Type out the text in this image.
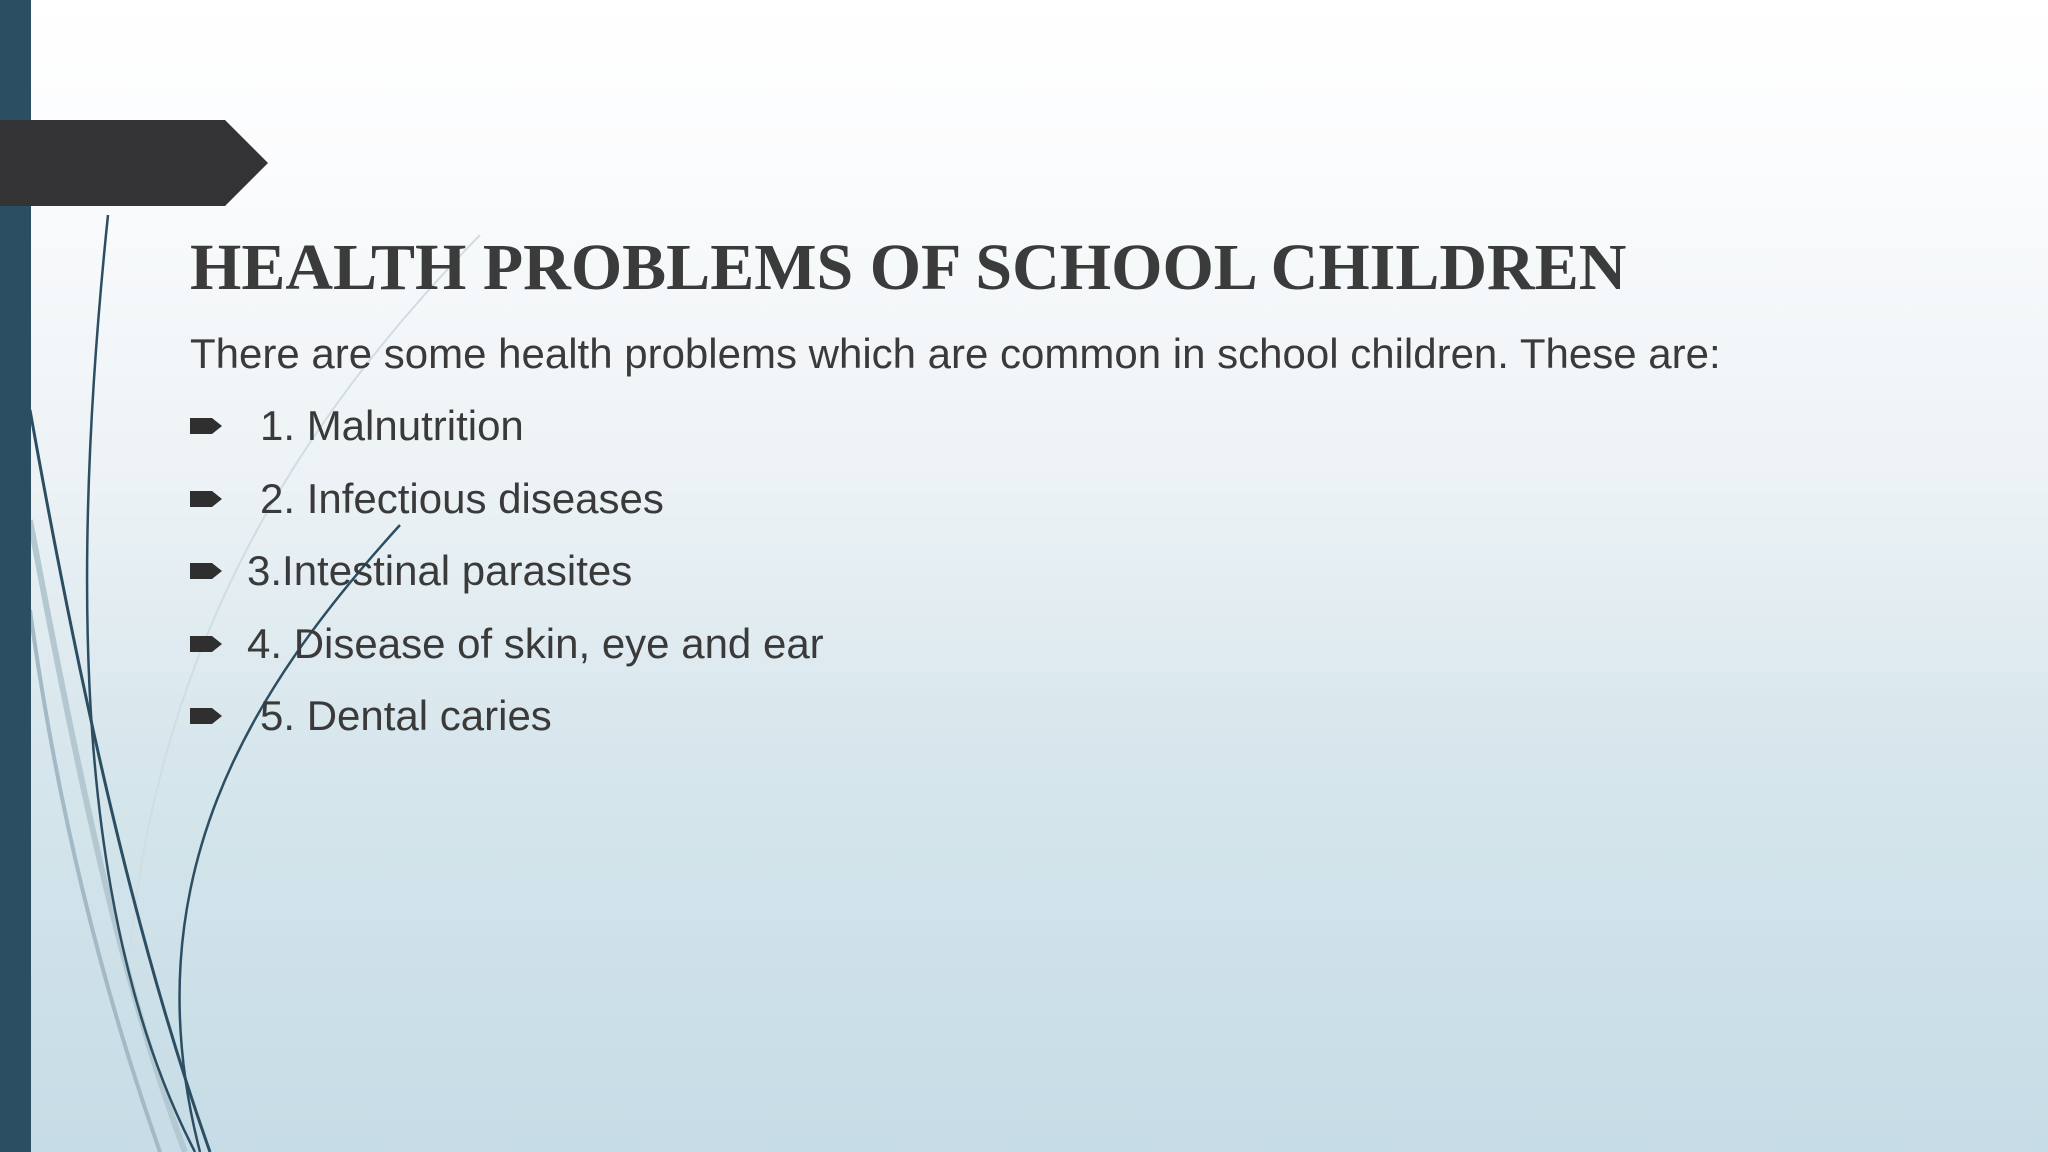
HEALTH PROBLEMS OF SCHOOL CHILDREN

There are some health problems which are common in school children. These are:

1. Malnutrition
2. Infectious diseases
3.Intestinal parasites
4. Disease of skin, eye and ear
5. Dental caries
